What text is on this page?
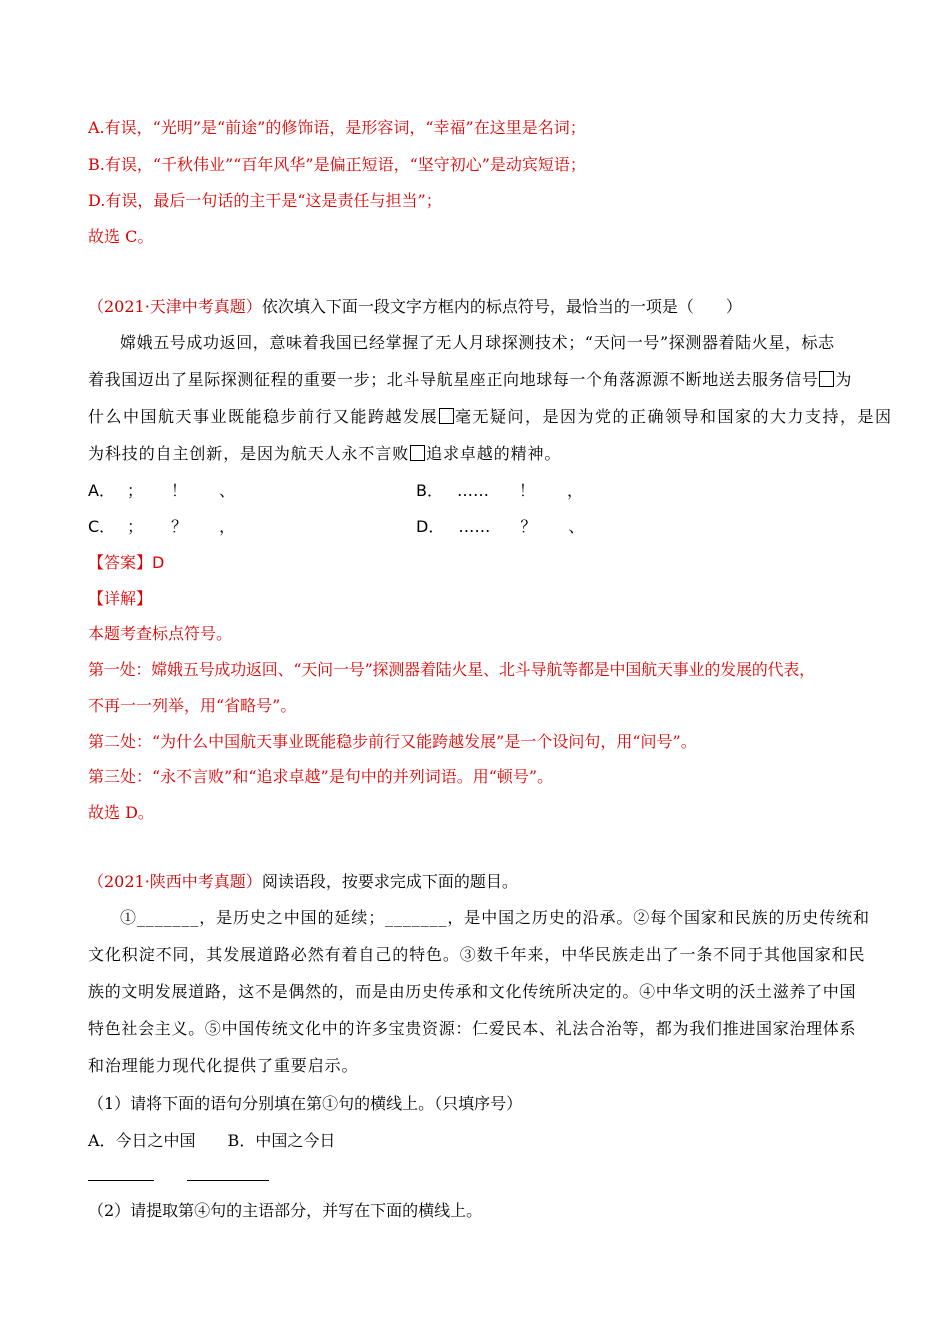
A.有误，“光明”是“前途”的修饰语，是形容词，“幸福”在这里是名词；
B.有误，“千秋伟业”“百年风华”是偏正短语，“坚守初心”是动宾短语；
D.有误，最后一句话的主干是“这是责任与担当”；
故选 C。
（2021·天津中考真题）依次填入下面一段文字方框内的标点符号，最恰当的一项是（　　）
嫦娥五号成功返回，意味着我国已经掌握了无人月球探测技术；“天问一号”探测器着陆火星，标志
着我国迈出了星际探测征程的重要一步；北斗导航星座正向地球每一个角落源源不断地送去服务信号 为
什么中国航天事业既能稳步前行又能跨越发展 毫无疑问，是因为党的正确领导和国家的大力支持，是因
为科技的自主创新，是因为航天人永不言败 追求卓越的精神。
A． ； ！ 、	B． …… ！ ，
C． ； ？ ，	D． …… ？ 、
【答案】D
【详解】
本题考查标点符号。
第一处：嫦娥五号成功返回、“天问一号”探测器着陆火星、北斗导航等都是中国航天事业的发展的代表，
不再一一列举，用“省略号”。
第二处：“为什么中国航天事业既能稳步前行又能跨越发展”是一个设问句，用“问号”。
第三处：“永不言败”和“追求卓越”是句中的并列词语。用“顿号”。
故选 D。
（2021·陕西中考真题）阅读语段，按要求完成下面的题目。
①_______，是历史之中国的延续；_______，是中国之历史的沿承。②每个国家和民族的历史传统和
文化积淀不同，其发展道路必然有着自己的特色。③数千年来，中华民族走出了一条不同于其他国家和民
族的文明发展道路，这不是偶然的，而是由历史传承和文化传统所决定的。④中华文明的沃土滋养了中国
特色社会主义。⑤中国传统文化中的许多宝贵资源：仁爱民本、礼法合治等，都为我们推进国家治理体系
和治理能力现代化提供了重要启示。
（1）请将下面的语句分别填在第①句的横线上。（只填序号）
A．今日之中国　　B．中国之今日
（2）请提取第④句的主语部分，并写在下面的横线上。
